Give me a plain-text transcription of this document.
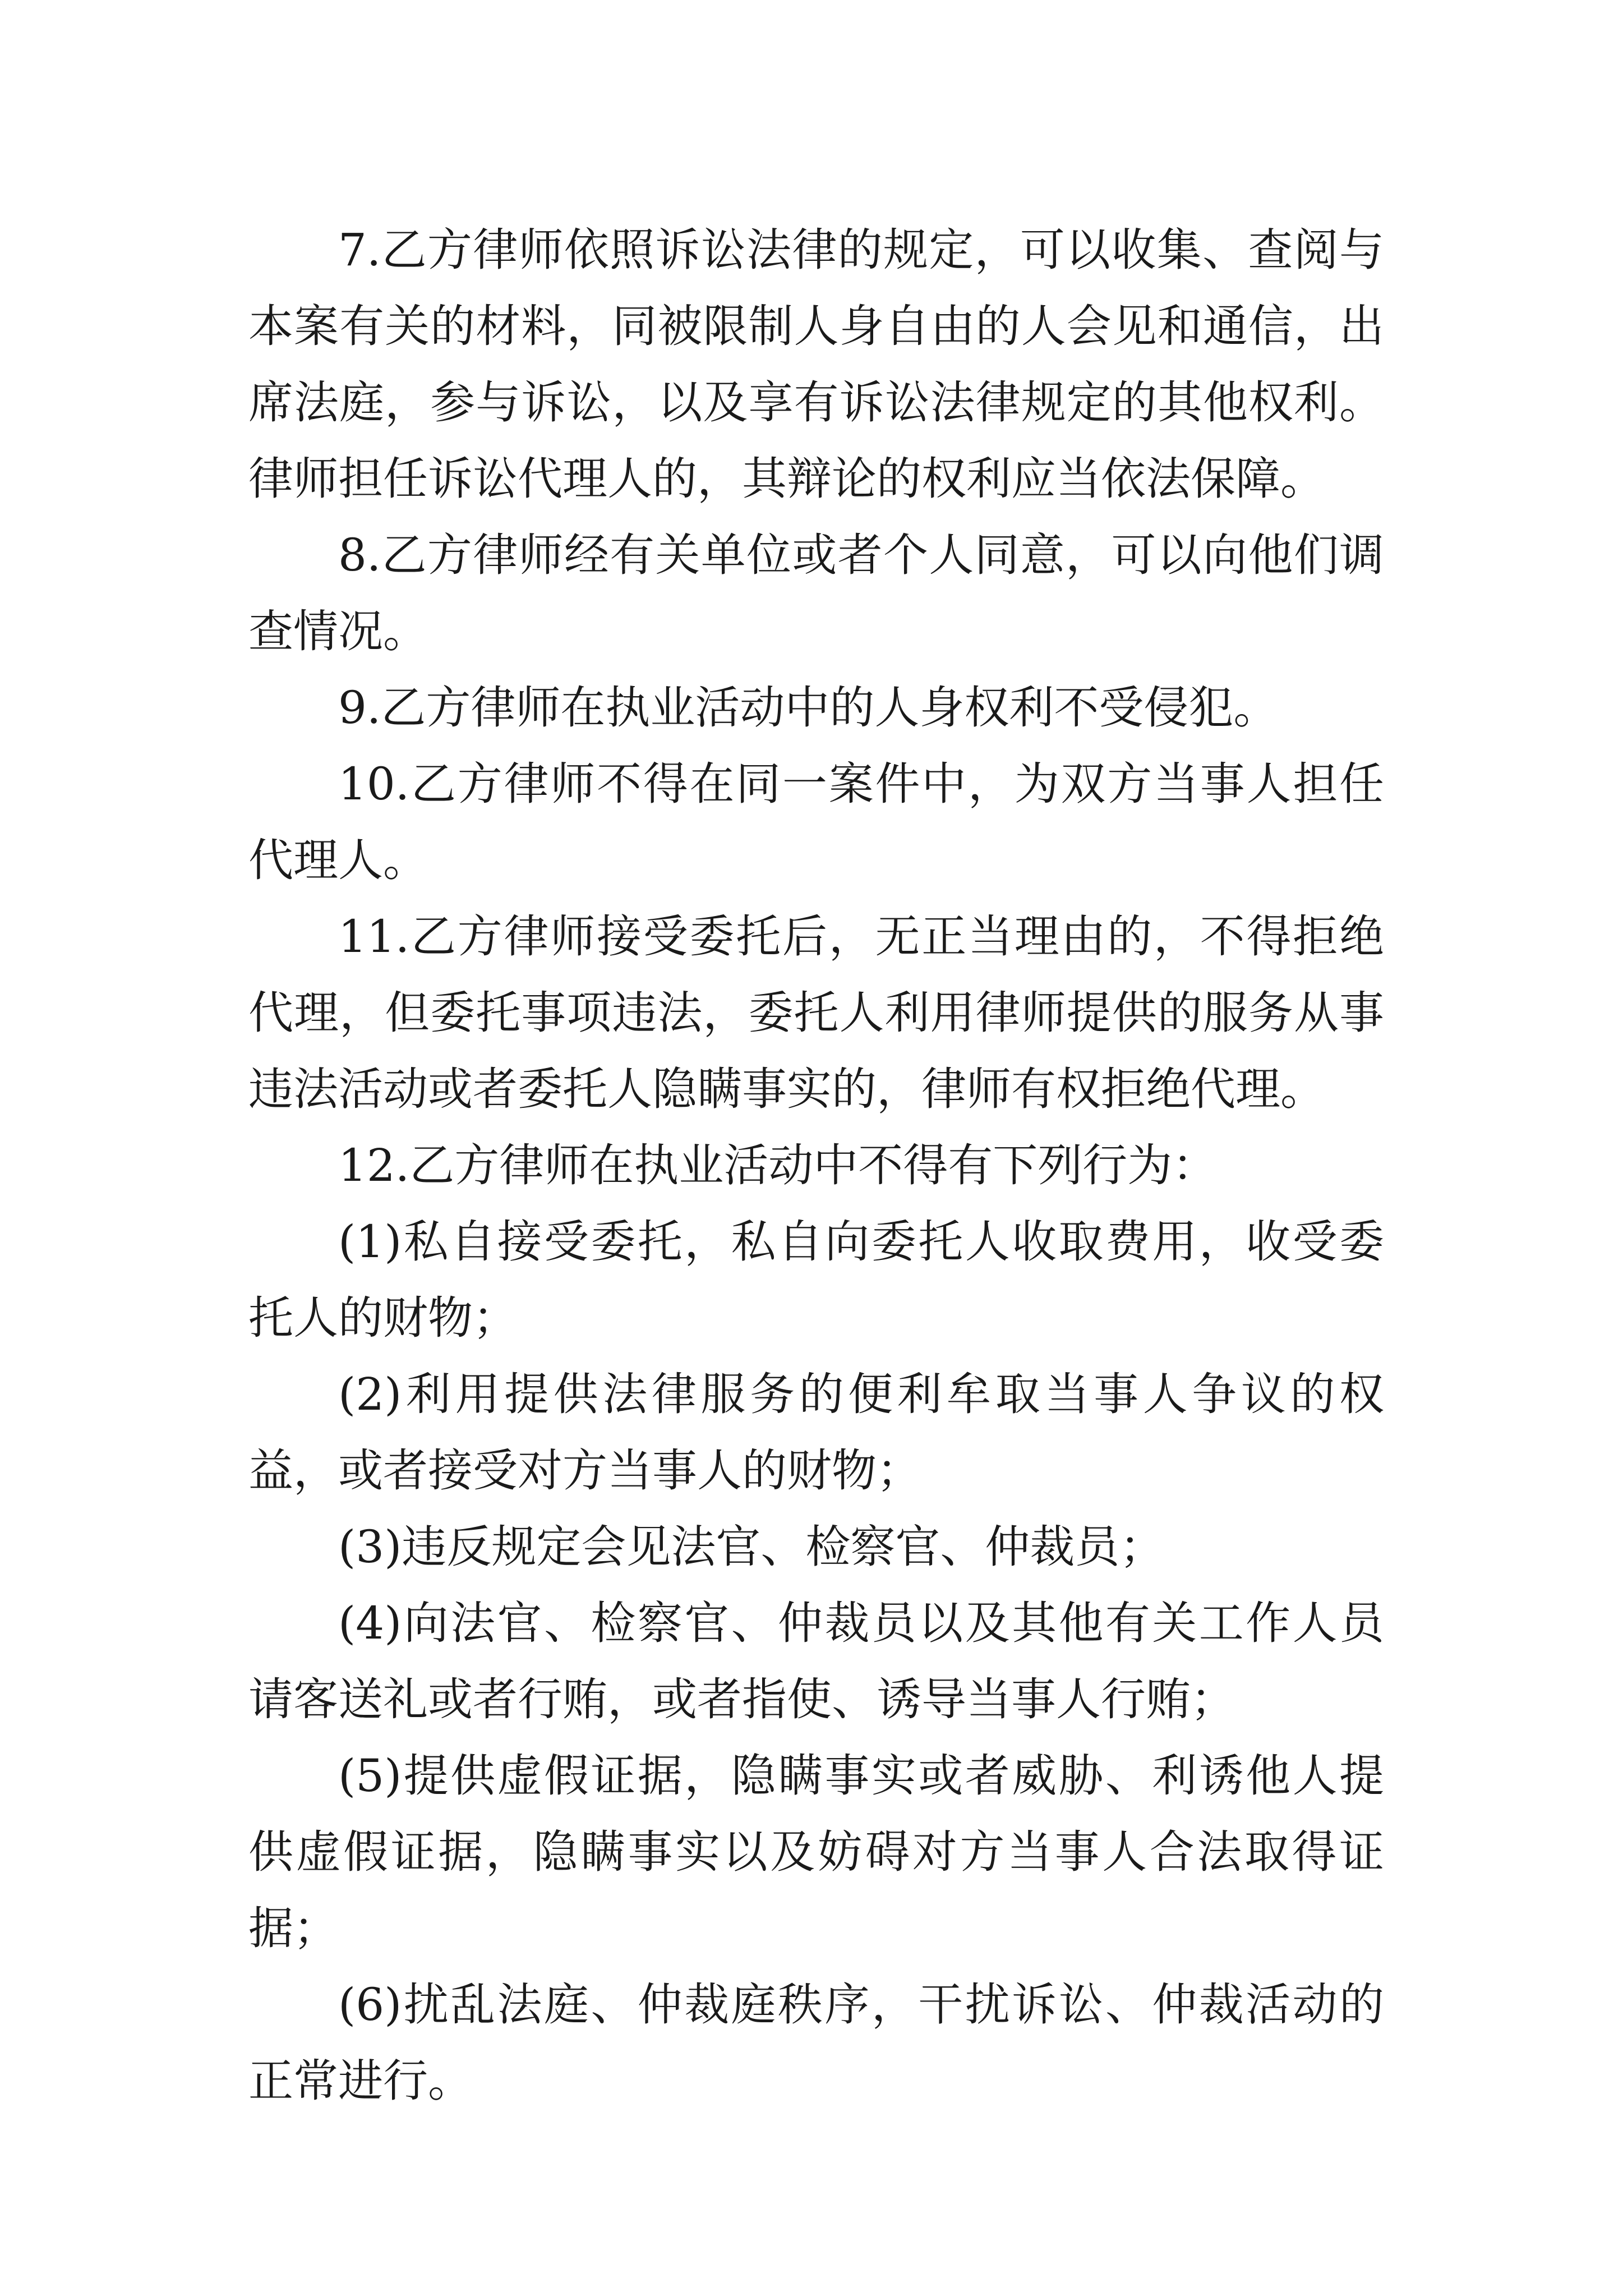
7.乙方律师依照诉讼法律的规定，可以收集、查阅与本案有关的材料，同被限制人身自由的人会见和通信，出席法庭，参与诉讼，以及享有诉讼法律规定的其他权利。律师担任诉讼代理人的，其辩论的权利应当依法保障。

8.乙方律师经有关单位或者个人同意，可以向他们调查情况。

9.乙方律师在执业活动中的人身权利不受侵犯。

10.乙方律师不得在同一案件中，为双方当事人担任代理人。

11.乙方律师接受委托后，无正当理由的，不得拒绝代理，但委托事项违法，委托人利用律师提供的服务从事违法活动或者委托人隐瞒事实的，律师有权拒绝代理。

12.乙方律师在执业活动中不得有下列行为：

(1)私自接受委托，私自向委托人收取费用，收受委托人的财物；

(2)利用提供法律服务的便利牟取当事人争议的权益，或者接受对方当事人的财物；

(3)违反规定会见法官、检察官、仲裁员；

(4)向法官、检察官、仲裁员以及其他有关工作人员请客送礼或者行贿，或者指使、诱导当事人行贿；

(5)提供虚假证据，隐瞒事实或者威胁、利诱他人提供虚假证据，隐瞒事实以及妨碍对方当事人合法取得证据；

(6)扰乱法庭、仲裁庭秩序，干扰诉讼、仲裁活动的正常进行。
